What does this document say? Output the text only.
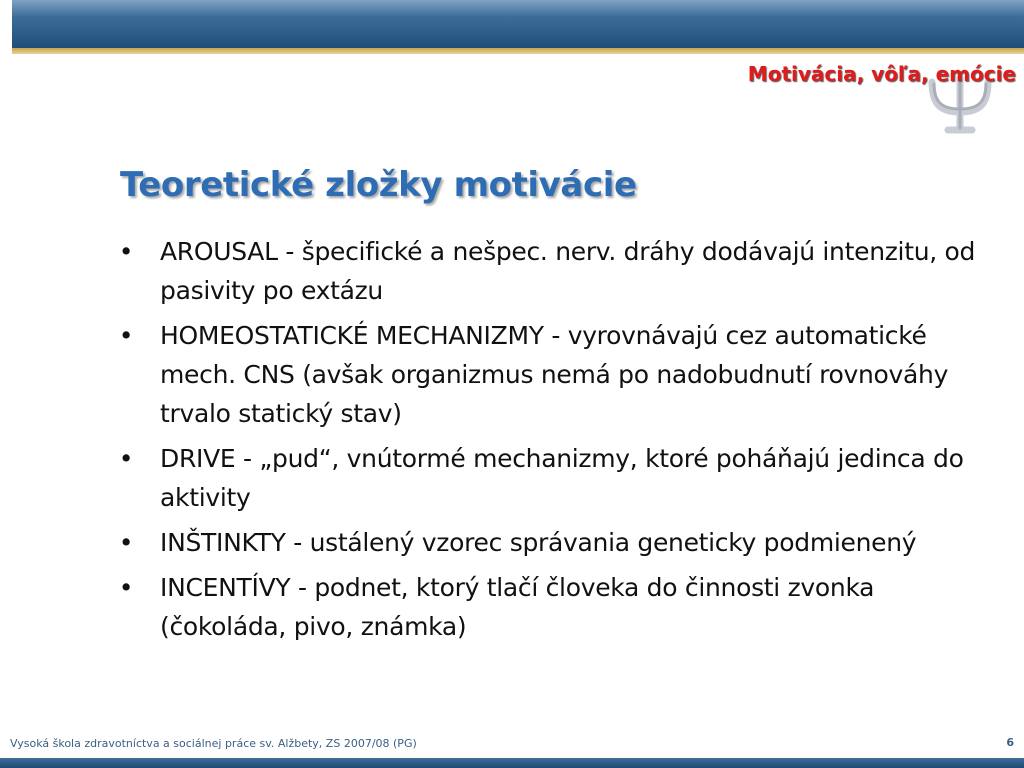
Motivácia, vôľa, emócie
Teoretické zložky motivácie
• AROUSAL - špecifické a nešpec. nerv. dráhy dodávajú intenzitu, od pasivity po extázu
• HOMEOSTATICKÉ MECHANIZMY - vyrovnávajú cez automatické mech. CNS (avšak organizmus nemá po nadobudnutí rovnováhy trvalo statický stav)
• DRIVE - „pud“, vnútormé mechanizmy, ktoré poháňajú jedinca do aktivity
• INŠTINKTY - ustálený vzorec správania geneticky podmienený
• INCENTÍVY - podnet, ktorý tlačí človeka do činnosti zvonka (čokoláda, pivo, známka)
Vysoká škola zdravotníctva a sociálnej práce sv. Alžbety, ZS 2007/08 (PG)	6
